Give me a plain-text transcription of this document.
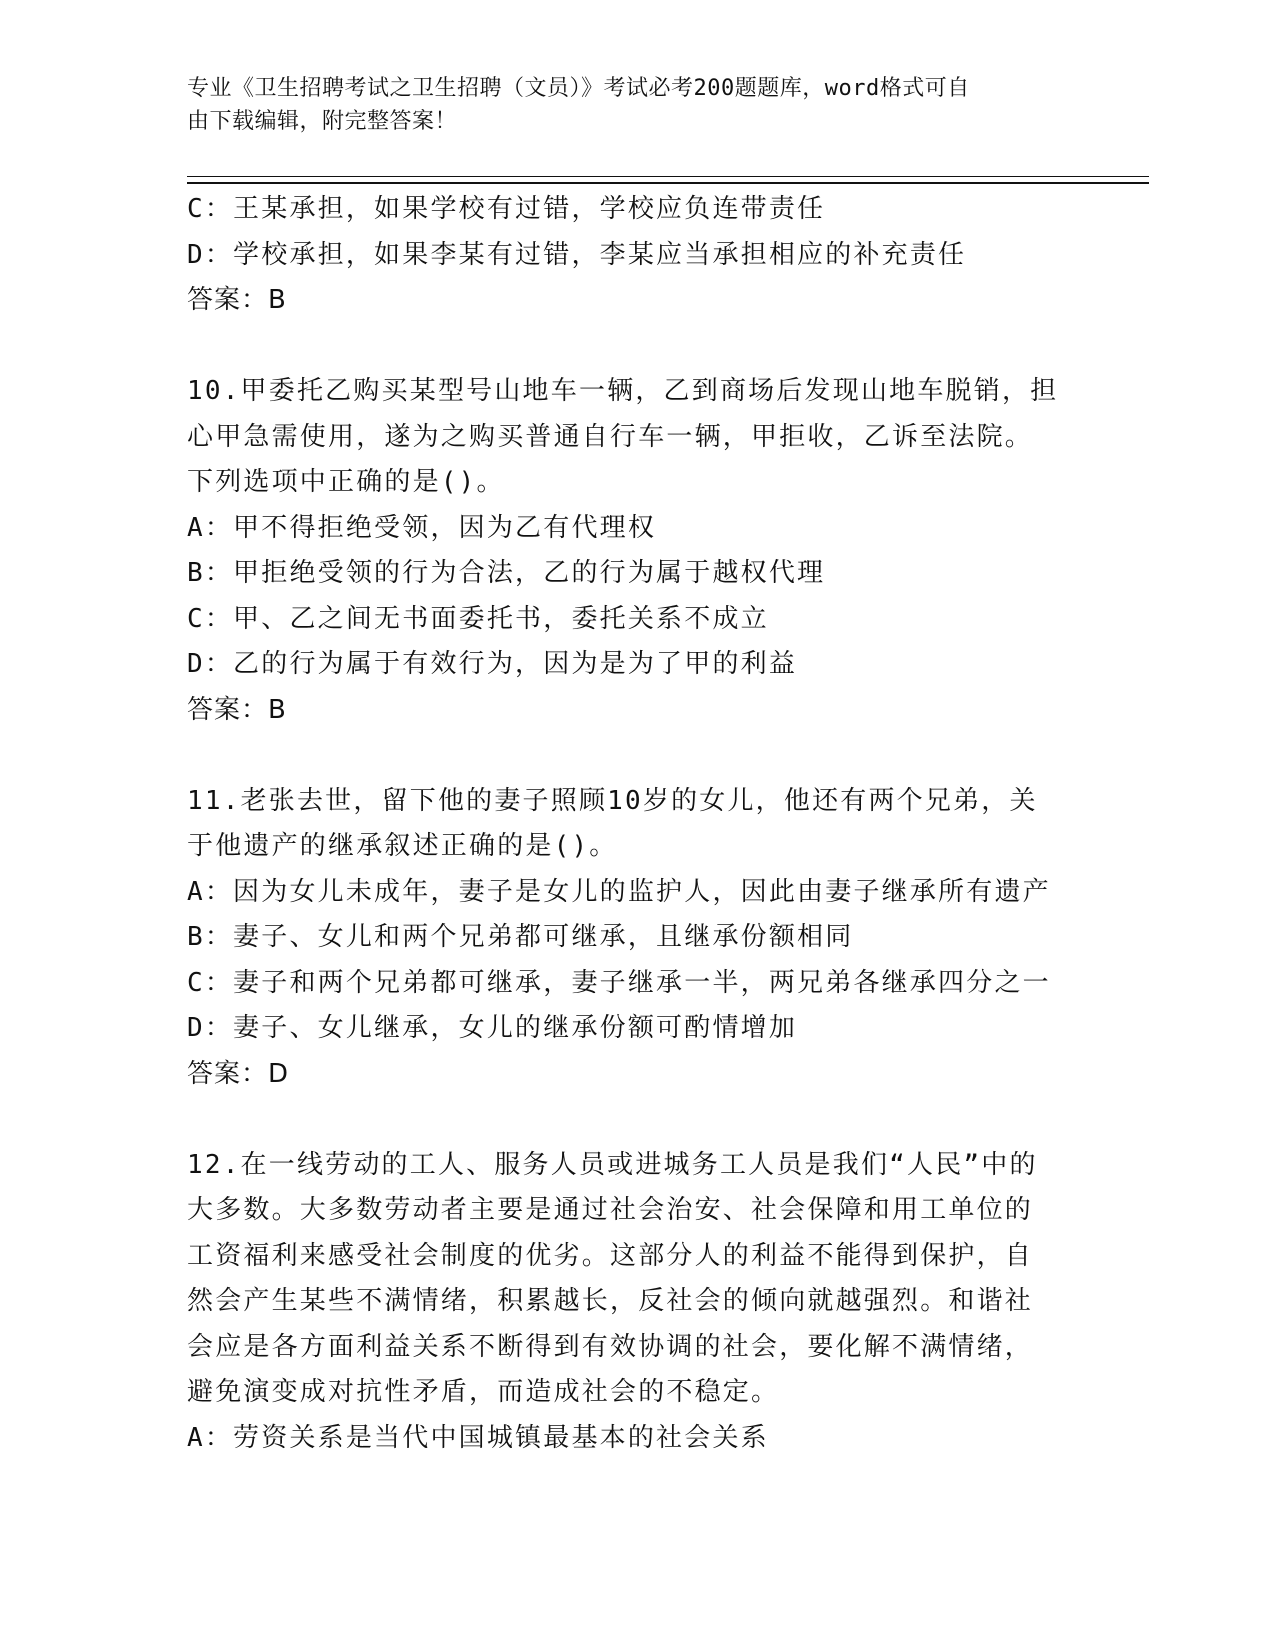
专业《卫生招聘考试之卫生招聘（文员）》考试必考200题题库，word格式可自
由下载编辑，附完整答案！
C：王某承担，如果学校有过错，学校应负连带责任
D：学校承担，如果李某有过错，李某应当承担相应的补充责任
答案：B
10.甲委托乙购买某型号山地车一辆，乙到商场后发现山地车脱销，担
心甲急需使用，遂为之购买普通自行车一辆，甲拒收，乙诉至法院。
下列选项中正确的是()。
A：甲不得拒绝受领，因为乙有代理权
B：甲拒绝受领的行为合法，乙的行为属于越权代理
C：甲、乙之间无书面委托书，委托关系不成立
D：乙的行为属于有效行为，因为是为了甲的利益
答案：B
11.老张去世，留下他的妻子照顾10岁的女儿，他还有两个兄弟，关
于他遗产的继承叙述正确的是()。
A：因为女儿未成年，妻子是女儿的监护人，因此由妻子继承所有遗产
B：妻子、女儿和两个兄弟都可继承，且继承份额相同
C：妻子和两个兄弟都可继承，妻子继承一半，两兄弟各继承四分之一
D：妻子、女儿继承，女儿的继承份额可酌情增加
答案：D
12.在一线劳动的工人、服务人员或进城务工人员是我们“人民”中的
大多数。大多数劳动者主要是通过社会治安、社会保障和用工单位的
工资福利来感受社会制度的优劣。这部分人的利益不能得到保护，自
然会产生某些不满情绪，积累越长，反社会的倾向就越强烈。和谐社
会应是各方面利益关系不断得到有效协调的社会，要化解不满情绪，
避免演变成对抗性矛盾，而造成社会的不稳定。
A：劳资关系是当代中国城镇最基本的社会关系
